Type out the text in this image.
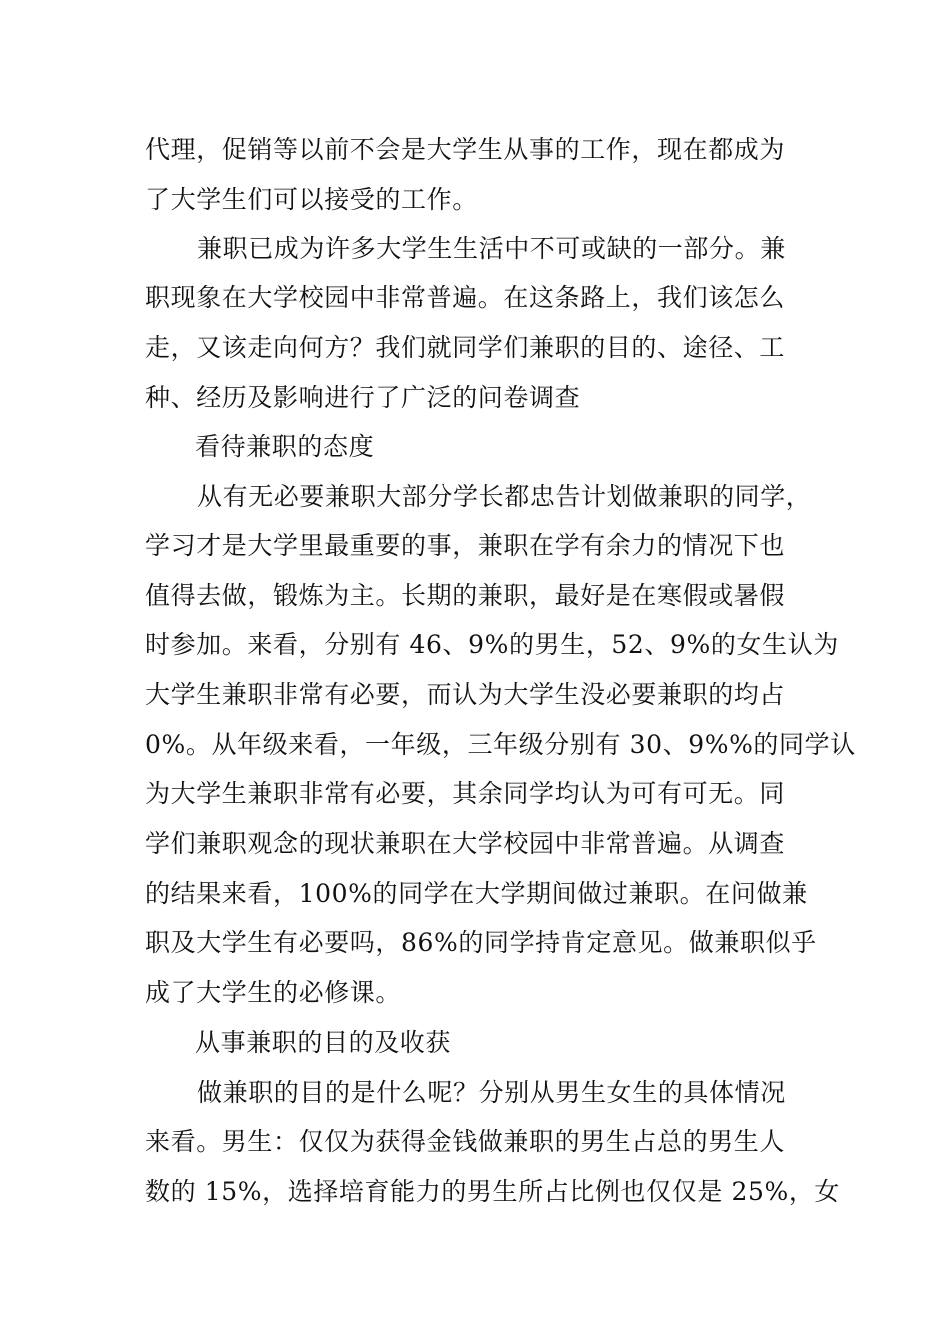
代理，促销等以前不会是大学生从事的工作，现在都成为
了大学生们可以接受的工作。
兼职已成为许多大学生生活中不可或缺的一部分。兼
职现象在大学校园中非常普遍。在这条路上，我们该怎么
走，又该走向何方？我们就同学们兼职的目的、途径、工
种、经历及影响进行了广泛的问卷调查
看待兼职的态度
从有无必要兼职大部分学长都忠告计划做兼职的同学，
学习才是大学里最重要的事，兼职在学有余力的情况下也
值得去做，锻炼为主。长期的兼职，最好是在寒假或暑假
时参加。来看，分别有 46、9%的男生，52、9%的女生认为
大学生兼职非常有必要，而认为大学生没必要兼职的均占
0%。从年级来看，一年级，三年级分别有 30、9%%的同学认
为大学生兼职非常有必要，其余同学均认为可有可无。同
学们兼职观念的现状兼职在大学校园中非常普遍。从调查
的结果来看，100%的同学在大学期间做过兼职。在问做兼
职及大学生有必要吗，86%的同学持肯定意见。做兼职似乎
成了大学生的必修课。
从事兼职的目的及收获
做兼职的目的是什么呢？分别从男生女生的具体情况
来看。男生：仅仅为获得金钱做兼职的男生占总的男生人
数的 15%，选择培育能力的男生所占比例也仅仅是 25%，女
